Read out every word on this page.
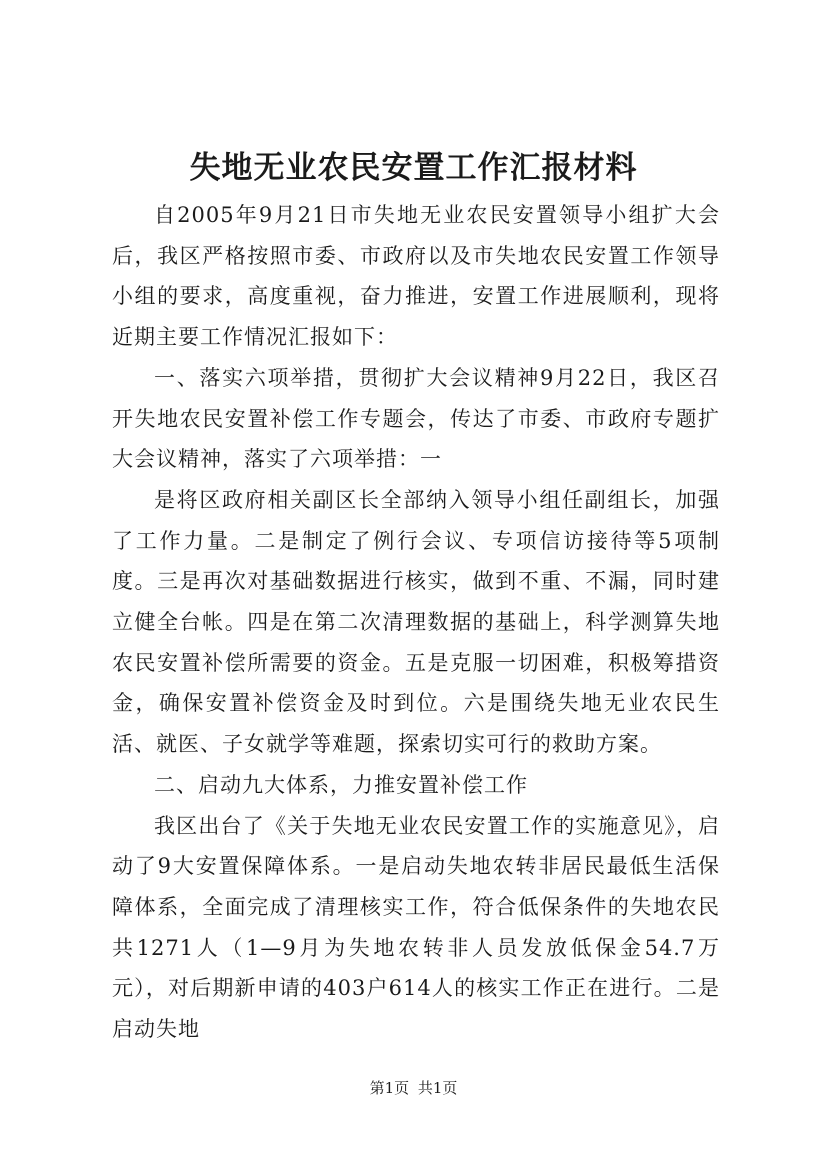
失地无业农民安置工作汇报材料

自2005年9月21日市失地无业农民安置领导小组扩大会后，我区严格按照市委、市政府以及市失地农民安置工作领导小组的要求，高度重视，奋力推进，安置工作进展顺利，现将近期主要工作情况汇报如下：

一、落实六项举措，贯彻扩大会议精神9月22日，我区召开失地农民安置补偿工作专题会，传达了市委、市政府专题扩大会议精神，落实了六项举措：一

是将区政府相关副区长全部纳入领导小组任副组长，加强了工作力量。二是制定了例行会议、专项信访接待等5项制度。三是再次对基础数据进行核实，做到不重、不漏，同时建立健全台帐。四是在第二次清理数据的基础上，科学测算失地农民安置补偿所需要的资金。五是克服一切困难，积极筹措资金，确保安置补偿资金及时到位。六是围绕失地无业农民生活、就医、子女就学等难题，探索切实可行的救助方案。

二、启动九大体系，力推安置补偿工作

我区出台了《关于失地无业农民安置工作的实施意见》，启动了9大安置保障体系。一是启动失地农转非居民最低生活保障体系，全面完成了清理核实工作，符合低保条件的失地农民共1271人（1—9月为失地农转非人员发放低保金54.7万元），对后期新申请的403户614人的核实工作正在进行。二是启动失地

第1页 共1页
